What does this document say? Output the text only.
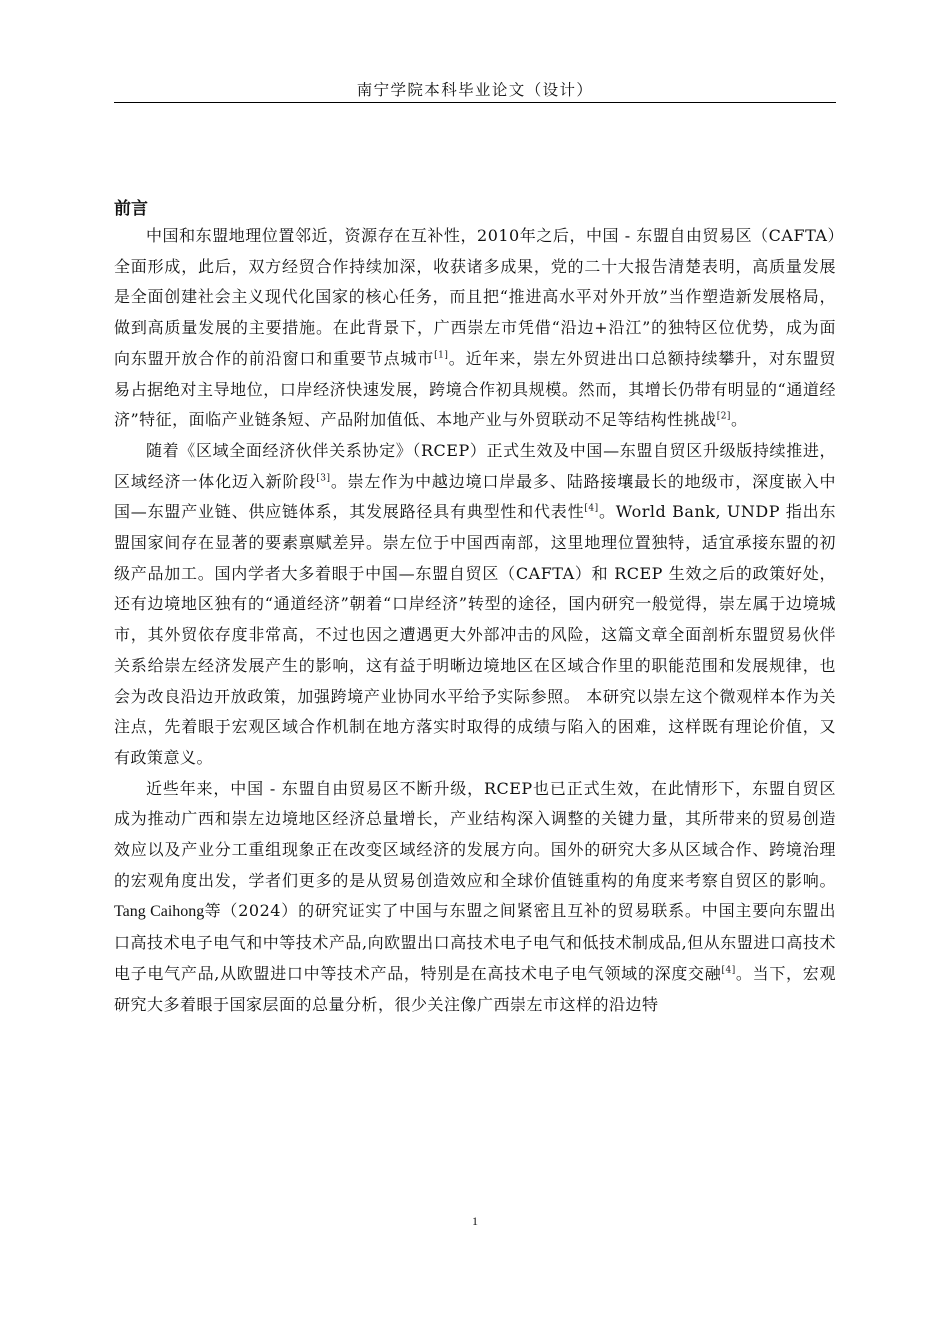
南宁学院本科毕业论文（设计）
前言

中国和东盟地理位置邻近，资源存在互补性，2010年之后，中国 - 东盟自由贸易区（CAFTA）全面形成，此后，双方经贸合作持续加深，收获诸多成果，党的二十大报告清楚表明，高质量发展是全面创建社会主义现代化国家的核心任务，而且把“推进高水平对外开放”当作塑造新发展格局，做到高质量发展的主要措施。在此背景下，广西崇左市凭借“沿边+沿江”的独特区位优势，成为面向东盟开放合作的前沿窗口和重要节点城市[1]。近年来，崇左外贸进出口总额持续攀升，对东盟贸易占据绝对主导地位，口岸经济快速发展，跨境合作初具规模。然而，其增长仍带有明显的“通道经济”特征，面临产业链条短、产品附加值低、本地产业与外贸联动不足等结构性挑战[2]。

随着《区域全面经济伙伴关系协定》（RCEP）正式生效及中国—东盟自贸区升级版持续推进，区域经济一体化迈入新阶段[3]。崇左作为中越边境口岸最多、陆路接壤最长的地级市，深度嵌入中国—东盟产业链、供应链体系，其发展路径具有典型性和代表性[4]。World Bank, UNDP 指出东盟国家间存在显著的要素禀赋差异。崇左位于中国西南部，这里地理位置独特，适宜承接东盟的初级产品加工。国内学者大多着眼于中国—东盟自贸区（CAFTA）和 RCEP 生效之后的政策好处，还有边境地区独有的“通道经济”朝着“口岸经济”转型的途径，国内研究一般觉得，崇左属于边境城市，其外贸依存度非常高，不过也因之遭遇更大外部冲击的风险，这篇文章全面剖析东盟贸易伙伴关系给崇左经济发展产生的影响，这有益于明晰边境地区在区域合作里的职能范围和发展规律，也会为改良沿边开放政策，加强跨境产业协同水平给予实际参照。 本研究以崇左这个微观样本作为关注点，先着眼于宏观区域合作机制在地方落实时取得的成绩与陷入的困难，这样既有理论价值，又有政策意义。

近些年来，中国 - 东盟自由贸易区不断升级，RCEP也已正式生效，在此情形下，东盟自贸区成为推动广西和崇左边境地区经济总量增长，产业结构深入调整的关键力量，其所带来的贸易创造效应以及产业分工重组现象正在改变区域经济的发展方向。国外的研究大多从区域合作、跨境治理的宏观角度出发，学者们更多的是从贸易创造效应和全球价值链重构的角度来考察自贸区的影响。Tang Caihong等（2024）的研究证实了中国与东盟之间紧密且互补的贸易联系。中国主要向东盟出口高技术电子电气和中等技术产品,向欧盟出口高技术电子电气和低技术制成品,但从东盟进口高技术电子电气产品,从欧盟进口中等技术产品，特别是在高技术电子电气领域的深度交融[4]。当下，宏观研究大多着眼于国家层面的总量分析，很少关注像广西崇左市这样的沿边特

1
